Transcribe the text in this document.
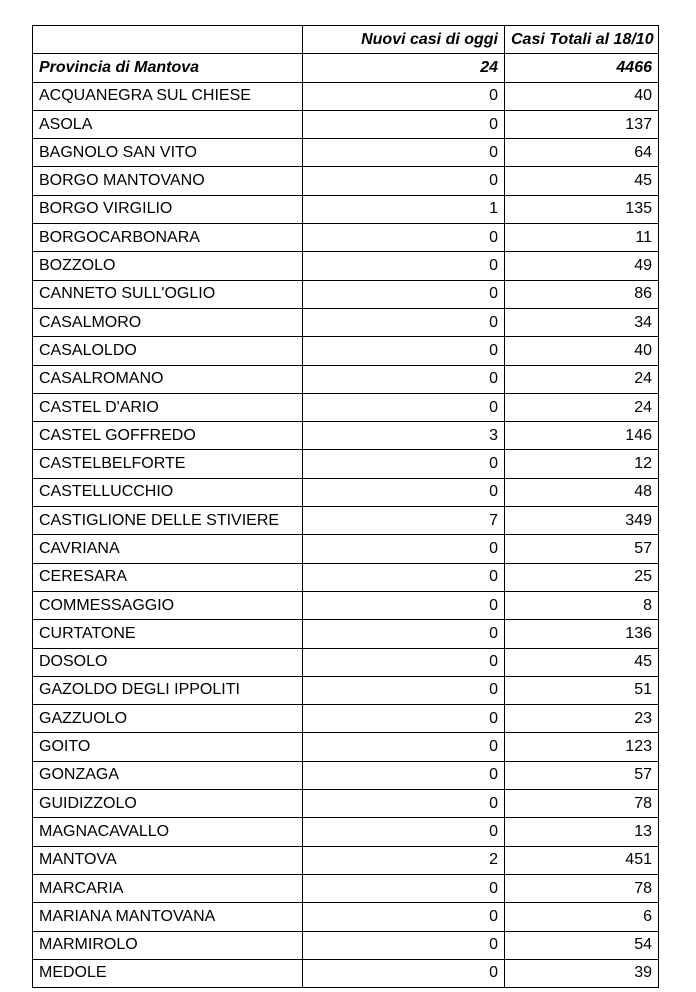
	Nuovi casi di oggi	Casi Totali al 18/10
Provincia di Mantova	24	4466
ACQUANEGRA SUL CHIESE	0	40
ASOLA	0	137
BAGNOLO SAN VITO	0	64
BORGO MANTOVANO	0	45
BORGO VIRGILIO	1	135
BORGOCARBONARA	0	11
BOZZOLO	0	49
CANNETO SULL'OGLIO	0	86
CASALMORO	0	34
CASALOLDO	0	40
CASALROMANO	0	24
CASTEL D'ARIO	0	24
CASTEL GOFFREDO	3	146
CASTELBELFORTE	0	12
CASTELLUCCHIO	0	48
CASTIGLIONE DELLE STIVIERE	7	349
CAVRIANA	0	57
CERESARA	0	25
COMMESSAGGIO	0	8
CURTATONE	0	136
DOSOLO	0	45
GAZOLDO DEGLI IPPOLITI	0	51
GAZZUOLO	0	23
GOITO	0	123
GONZAGA	0	57
GUIDIZZOLO	0	78
MAGNACAVALLO	0	13
MANTOVA	2	451
MARCARIA	0	78
MARIANA MANTOVANA	0	6
MARMIROLO	0	54
MEDOLE	0	39
